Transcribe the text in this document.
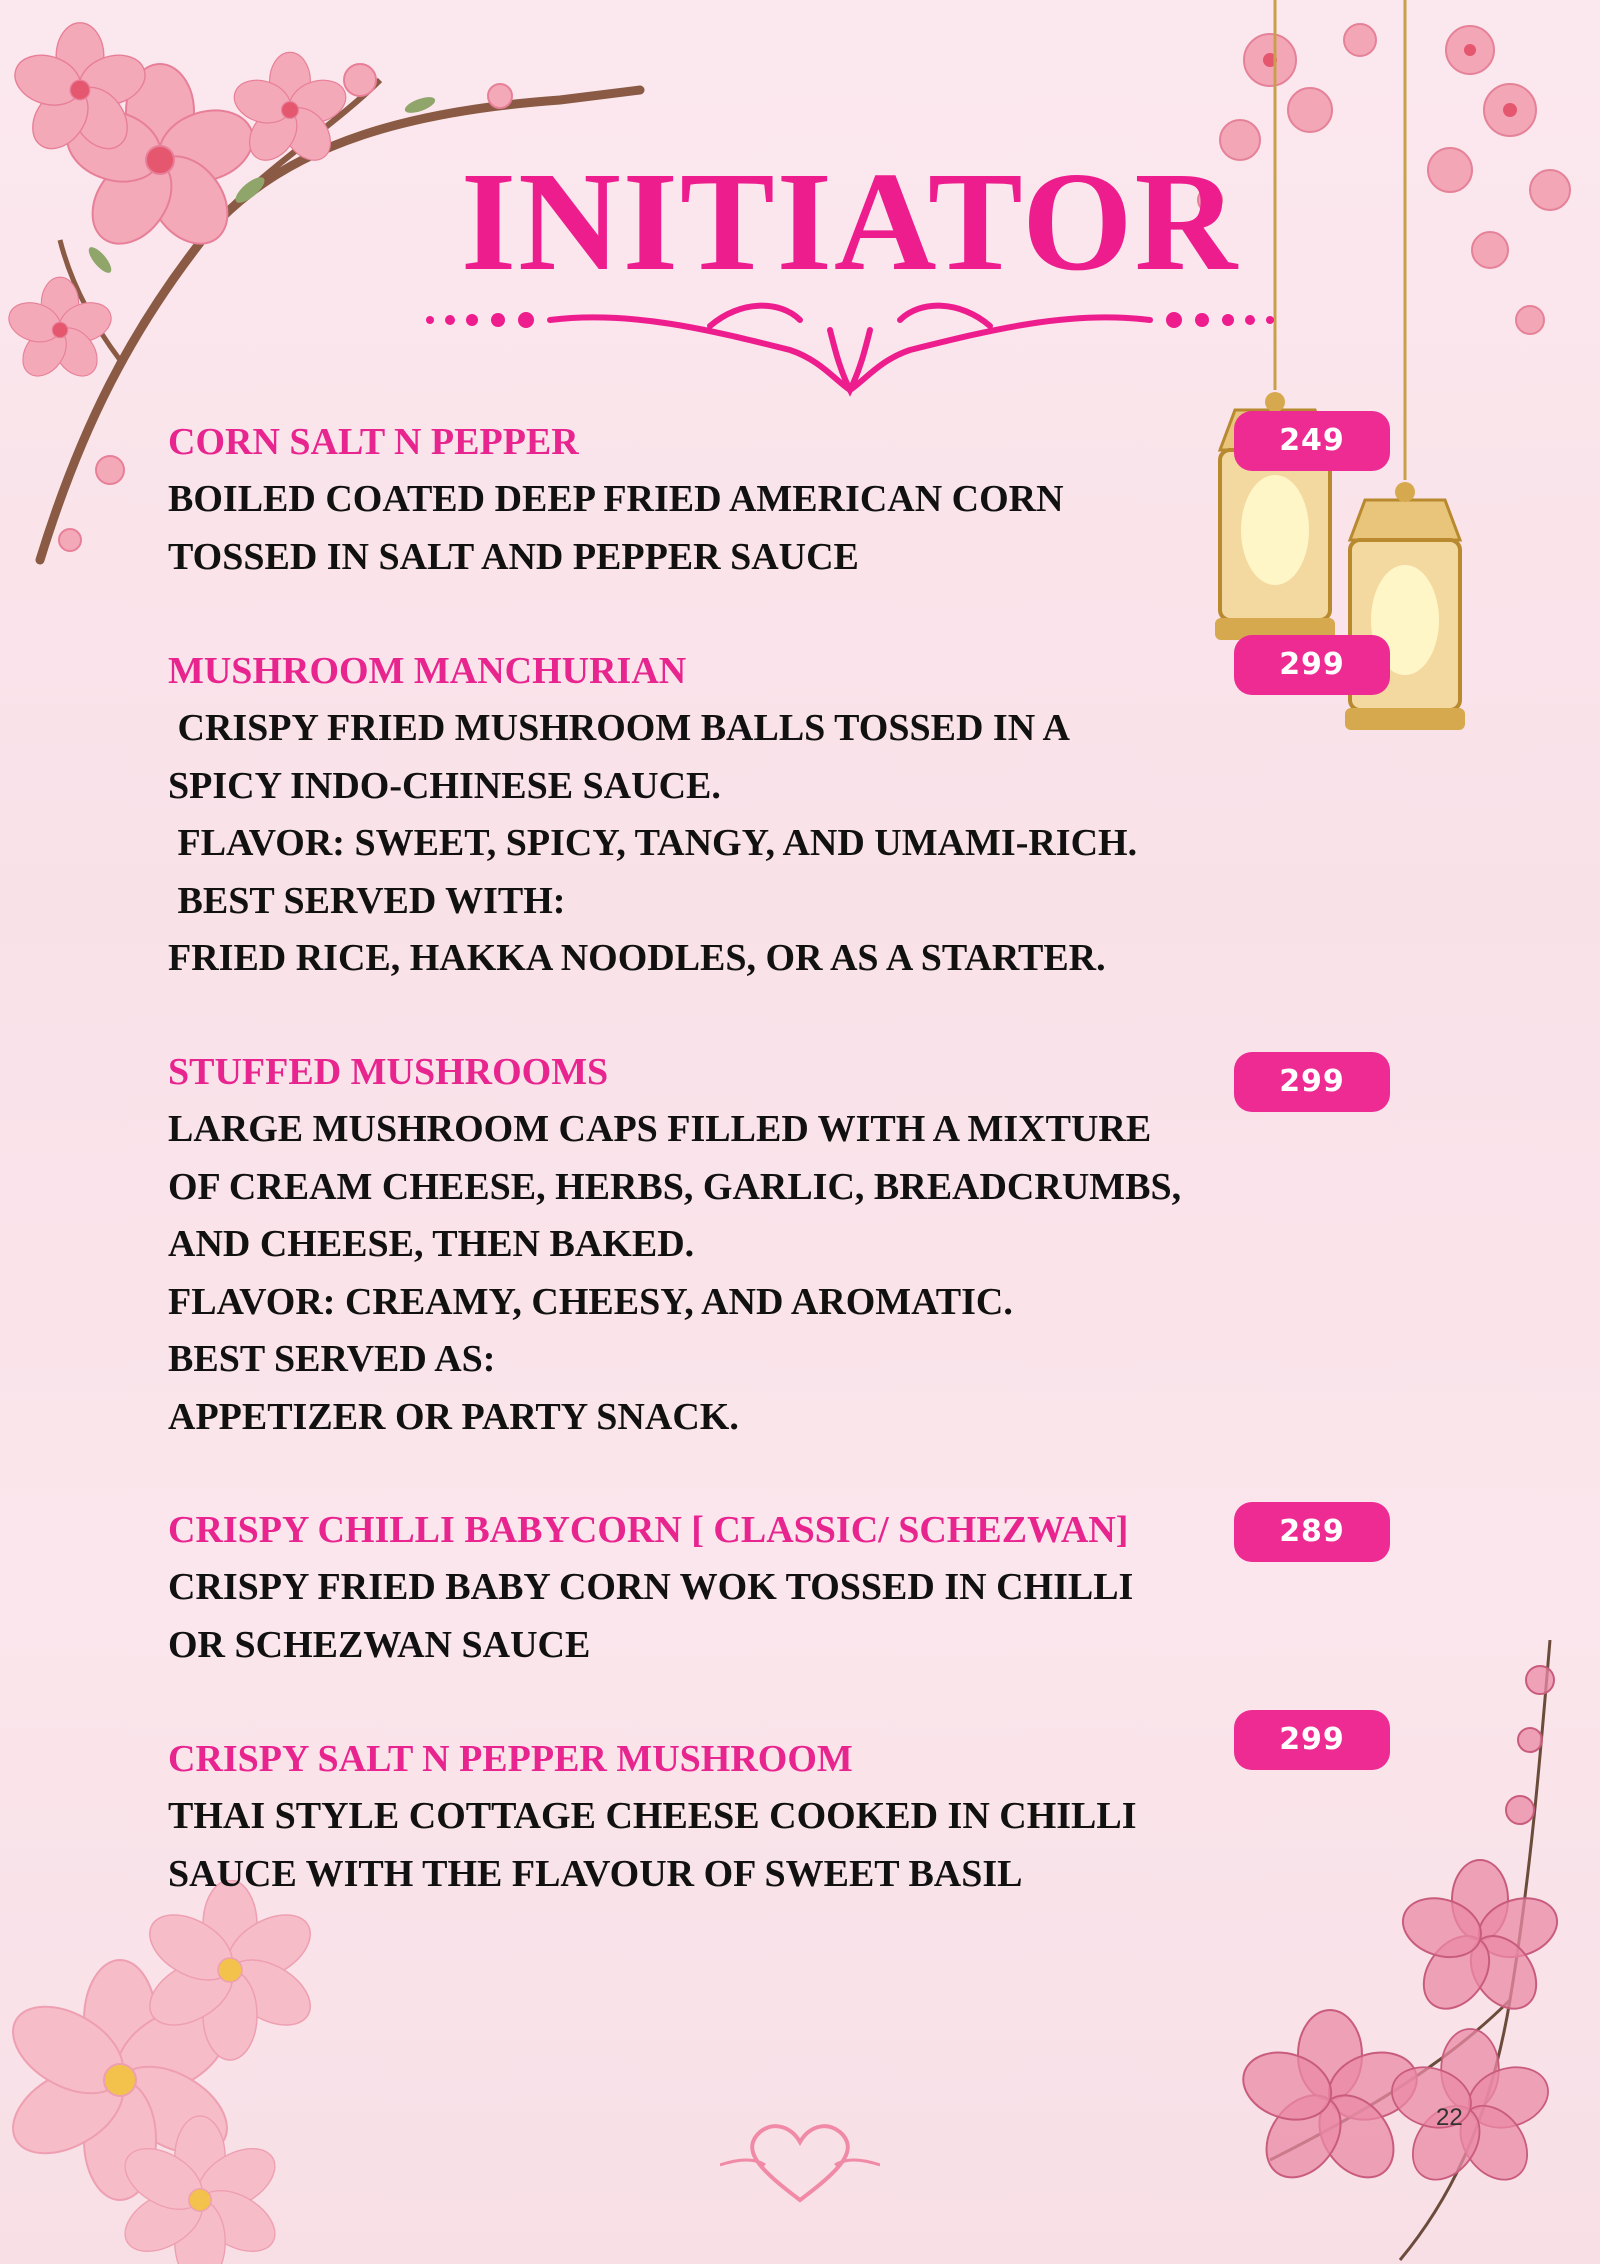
INITIATOR
CORN SALT N PEPPER
BOILED COATED DEEP FRIED AMERICAN CORN
TOSSED IN SALT AND PEPPER SAUCE
249
MUSHROOM MANCHURIAN
CRISPY FRIED MUSHROOM BALLS TOSSED IN A
SPICY INDO-CHINESE SAUCE.
FLAVOR: SWEET, SPICY, TANGY, AND UMAMI-RICH.
BEST SERVED WITH:
FRIED RICE, HAKKA NOODLES, OR AS A STARTER.
299
STUFFED MUSHROOMS
LARGE MUSHROOM CAPS FILLED WITH A MIXTURE
OF CREAM CHEESE, HERBS, GARLIC, BREADCRUMBS,
AND CHEESE, THEN BAKED.
FLAVOR: CREAMY, CHEESY, AND AROMATIC.
BEST SERVED AS:
APPETIZER OR PARTY SNACK.
299
CRISPY CHILLI BABYCORN [ CLASSIC/ SCHEZWAN]
CRISPY FRIED BABY CORN WOK TOSSED IN CHILLI
OR SCHEZWAN SAUCE
289
CRISPY SALT N PEPPER MUSHROOM
THAI STYLE COTTAGE CHEESE COOKED IN CHILLI
SAUCE WITH THE FLAVOUR OF SWEET BASIL
299
22
